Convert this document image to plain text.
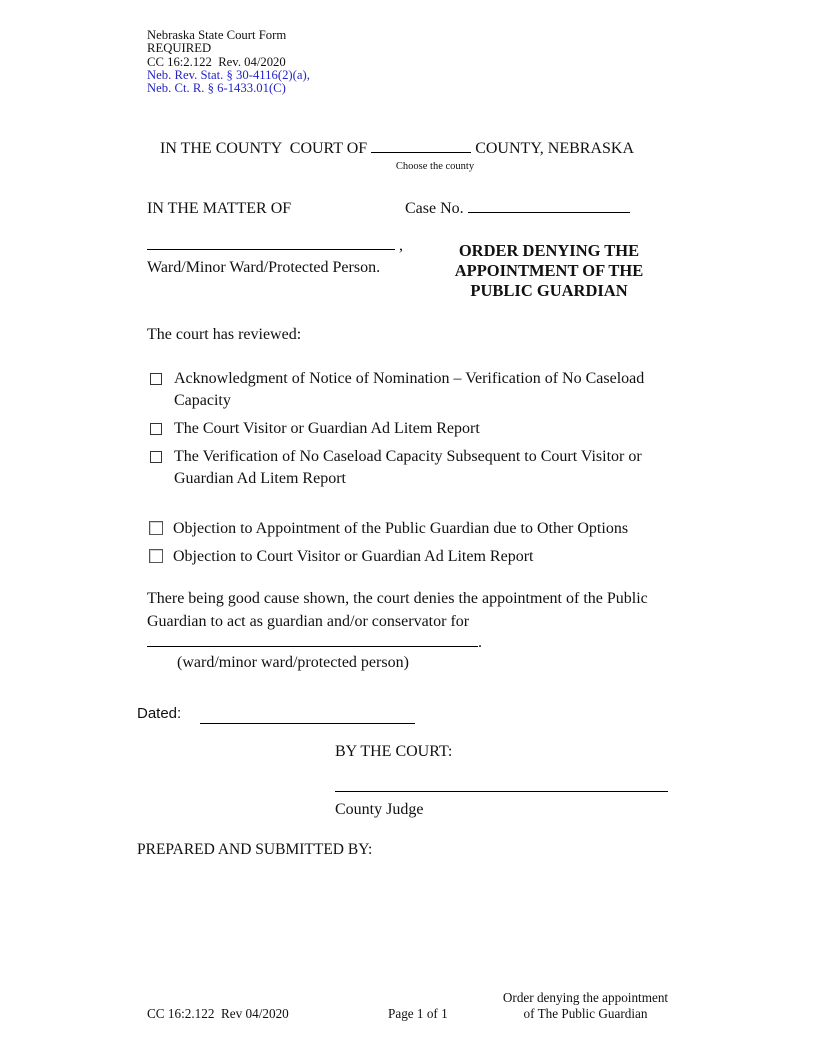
Nebraska State Court Form
REQUIRED
CC 16:2.122  Rev. 04/2020
Neb. Rev. Stat. § 30-4116(2)(a),
Neb. Ct. R. § 6-1433.01(C)
IN THE COUNTY  COURT OF	COUNTY, NEBRASKA
Choose the county
IN THE MATTER OF	Case No.
,
Ward/Minor Ward/Protected Person.
ORDER DENYING THE
APPOINTMENT OF THE
PUBLIC GUARDIAN
The court has reviewed:
Acknowledgment of Notice of Nomination – Verification of No Caseload Capacity
The Court Visitor or Guardian Ad Litem Report
The Verification of No Caseload Capacity Subsequent to Court Visitor or Guardian Ad Litem Report
Objection to Appointment of the Public Guardian due to Other Options
Objection to Court Visitor or Guardian Ad Litem Report
There being good cause shown, the court denies the appointment of the Public Guardian to act as guardian and/or conservator for
.
(ward/minor ward/protected person)
Dated:
BY THE COURT:
County Judge
PREPARED AND SUBMITTED BY:
CC 16:2.122  Rev 04/2020	Page 1 of 1
Order denying the appointment
of The Public Guardian
